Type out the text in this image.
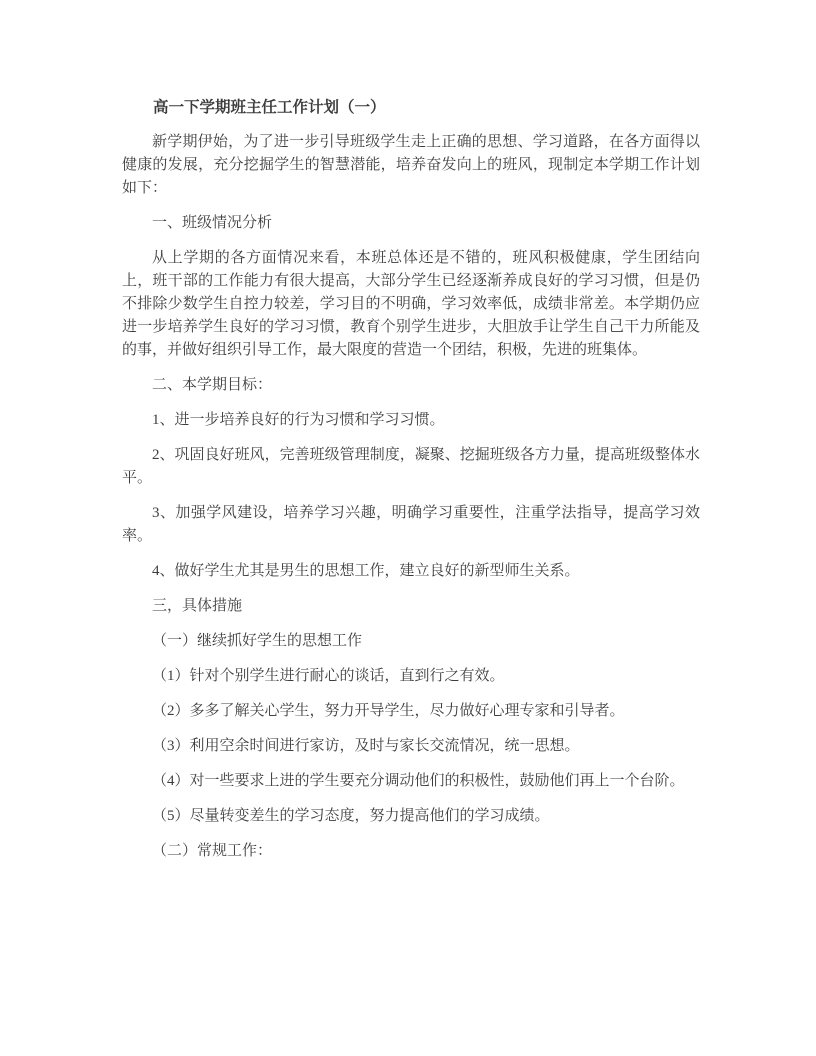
高一下学期班主任工作计划（一）

新学期伊始，为了进一步引导班级学生走上正确的思想、学习道路，在各方面得以健康的发展，充分挖掘学生的智慧潜能，培养奋发向上的班风，现制定本学期工作计划如下：

一、班级情况分析

从上学期的各方面情况来看，本班总体还是不错的，班风积极健康，学生团结向上，班干部的工作能力有很大提高，大部分学生已经逐渐养成良好的学习习惯，但是仍不排除少数学生自控力较差，学习目的不明确，学习效率低，成绩非常差。本学期仍应进一步培养学生良好的学习习惯，教育个别学生进步，大胆放手让学生自己干力所能及的事，并做好组织引导工作，最大限度的营造一个团结，积极，先进的班集体。

二、本学期目标：

1、进一步培养良好的行为习惯和学习习惯。

2、巩固良好班风，完善班级管理制度，凝聚、挖掘班级各方力量，提高班级整体水平。

3、加强学风建设，培养学习兴趣，明确学习重要性，注重学法指导，提高学习效率。

4、做好学生尤其是男生的思想工作，建立良好的新型师生关系。

三，具体措施

（一）继续抓好学生的思想工作

（1）针对个别学生进行耐心的谈话，直到行之有效。

（2）多多了解关心学生，努力开导学生，尽力做好心理专家和引导者。

（3）利用空余时间进行家访，及时与家长交流情况，统一思想。

（4）对一些要求上进的学生要充分调动他们的积极性，鼓励他们再上一个台阶。

（5）尽量转变差生的学习态度，努力提高他们的学习成绩。

（二）常规工作：
